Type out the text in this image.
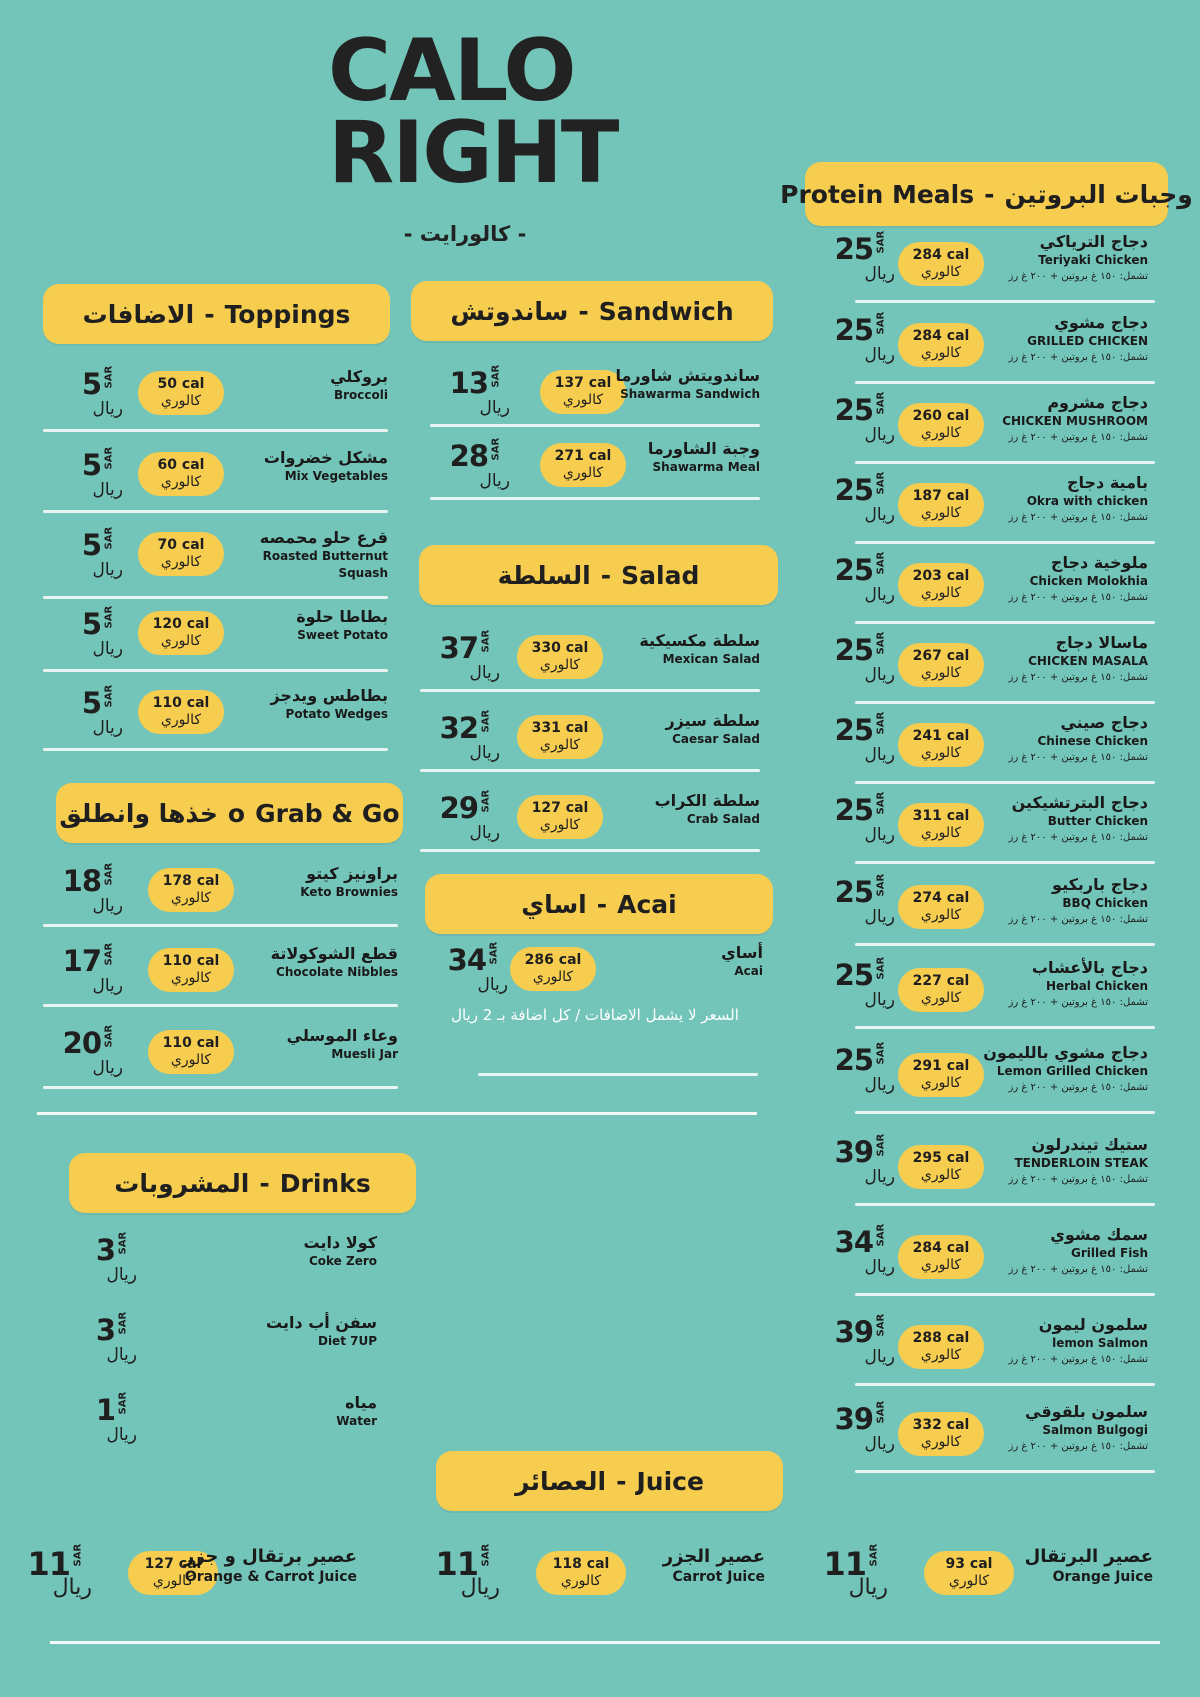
CALO
RIGHT
- كالورايت -
Protein Meals - وجبات البروتين
ساندوتش - Sandwich
الاضافات - Toppings
السلطة - Salad
خذها وانطلق o Grab & Go
اساي - Acai
المشروبات - Drinks
العصائر - Juice
السعر لا يشمل الاضافات / كل اضافة بـ 2 ريال
25 SAR
ريال
284 cal
كالوري
دجاج الترياكي
Teriyaki Chicken
تشمل: ١٥٠ غ بروتين + ٢٠٠ غ رز
25 SAR
ريال
284 cal
كالوري
دجاج مشوي
GRILLED CHICKEN
تشمل: ١٥٠ غ بروتين + ٢٠٠ غ رز
25 SAR
ريال
260 cal
كالوري
دجاج مشروم
CHICKEN MUSHROOM
تشمل: ١٥٠ غ بروتين + ٢٠٠ غ رز
25 SAR
ريال
187 cal
كالوري
بامية دجاج
Okra with chicken
تشمل: ١٥٠ غ بروتين + ٢٠٠ غ رز
25 SAR
ريال
203 cal
كالوري
ملوخية دجاج
Chicken Molokhia
تشمل: ١٥٠ غ بروتين + ٢٠٠ غ رز
25 SAR
ريال
267 cal
كالوري
ماسالا دجاج
CHICKEN MASALA
تشمل: ١٥٠ غ بروتين + ٢٠٠ غ رز
25 SAR
ريال
241 cal
كالوري
دجاج صيني
Chinese Chicken
تشمل: ١٥٠ غ بروتين + ٢٠٠ غ رز
25 SAR
ريال
311 cal
كالوري
دجاج البترتشيكين
Butter Chicken
تشمل: ١٥٠ غ بروتين + ٢٠٠ غ رز
25 SAR
ريال
274 cal
كالوري
دجاج باربكيو
BBQ Chicken
تشمل: ١٥٠ غ بروتين + ٢٠٠ غ رز
25 SAR
ريال
227 cal
كالوري
دجاج بالأعشاب
Herbal Chicken
تشمل: ١٥٠ غ بروتين + ٢٠٠ غ رز
25 SAR
ريال
291 cal
كالوري
دجاج مشوي بالليمون
Lemon Grilled Chicken
تشمل: ١٥٠ غ بروتين + ٢٠٠ غ رز
39 SAR
ريال
295 cal
كالوري
ستيك تيندرلون
TENDERLOIN STEAK
تشمل: ١٥٠ غ بروتين + ٢٠٠ غ رز
34 SAR
ريال
284 cal
كالوري
سمك مشوي
Grilled Fish
تشمل: ١٥٠ غ بروتين + ٢٠٠ غ رز
39 SAR
ريال
288 cal
كالوري
سلمون ليمون
lemon Salmon
تشمل: ١٥٠ غ بروتين + ٢٠٠ غ رز
39 SAR
ريال
332 cal
كالوري
سلمون بلقوقي
Salmon Bulgogi
تشمل: ١٥٠ غ بروتين + ٢٠٠ غ رز
13 SAR
ريال
137 cal
كالوري
ساندويتش شاورما
Shawarma Sandwich
28 SAR
ريال
271 cal
كالوري
وجبة الشاورما
Shawarma Meal
37 SAR
ريال
330 cal
كالوري
سلطة مكسيكية
Mexican Salad
32 SAR
ريال
331 cal
كالوري
سلطة سيزر
Caesar Salad
29 SAR
ريال
127 cal
كالوري
سلطة الكراب
Crab Salad
34 SAR
ريال
286 cal
كالوري
أساي
Acai
5 SAR
ريال
50 cal
كالوري
بروكلي
Broccoli
5 SAR
ريال
60 cal
كالوري
مشكل خضروات
Mix Vegetables
5 SAR
ريال
70 cal
كالوري
قرع حلو محمصه
Roasted Butternut
Squash
5 SAR
ريال
120 cal
كالوري
بطاطا حلوة
Sweet Potato
5 SAR
ريال
110 cal
كالوري
بطاطس ويدجز
Potato Wedges
18 SAR
ريال
178 cal
كالوري
براونيز كيتو
Keto Brownies
17 SAR
ريال
110 cal
كالوري
قطع الشوكولاتة
Chocolate Nibbles
20 SAR
ريال
110 cal
كالوري
وعاء الموسلي
Muesli Jar
3 SAR
ريال
كولا دايت
Coke Zero
3 SAR
ريال
سفن أب دايت
Diet 7UP
1 SAR
ريال
مياه
Water
11 SAR
ريال
93 cal
كالوري
عصير البرتقال
Orange Juice
11 SAR
ريال
118 cal
كالوري
عصير الجزر
Carrot Juice
11 SAR
ريال
127 cal
كالوري
عصير برتقال و جزر
Orange & Carrot Juice
